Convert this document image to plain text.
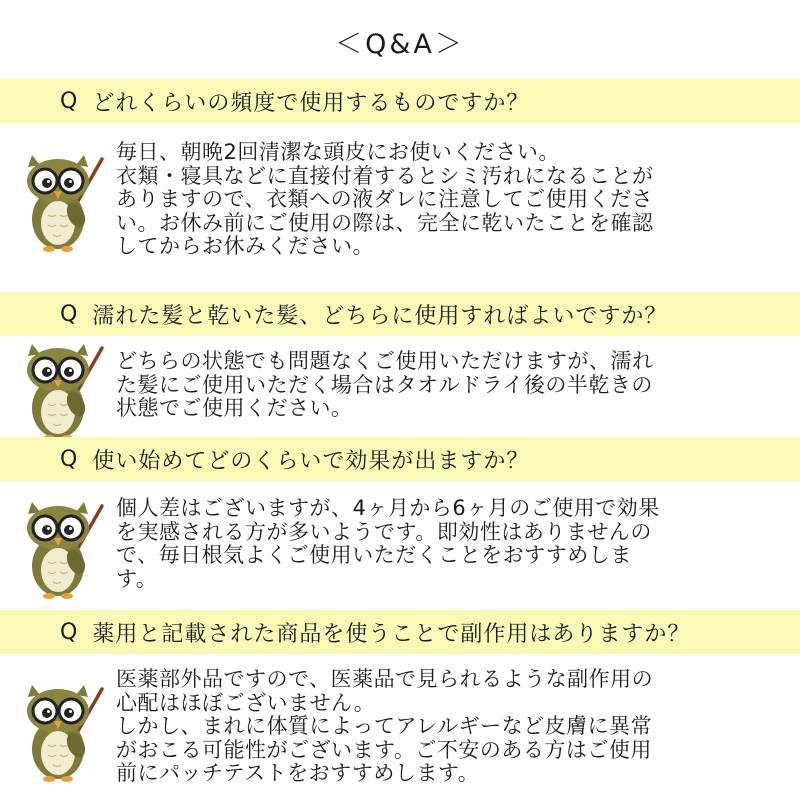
＜Q&A＞
Q どれくらいの頻度で使用するものですか？
毎日、朝晩2回清潔な頭皮にお使いください。
衣類・寝具などに直接付着するとシミ汚れになることが
ありますので、衣類への液ダレに注意してご使用くださ
い。お休み前にご使用の際は、完全に乾いたことを確認
してからお休みください。
Q 濡れた髪と乾いた髪、どちらに使用すればよいですか？
どちらの状態でも問題なくご使用いただけますが、濡れ
た髪にご使用いただく場合はタオルドライ後の半乾きの
状態でご使用ください。
Q 使い始めてどのくらいで効果が出ますか？
個人差はございますが、4ヶ月から6ヶ月のご使用で効果
を実感される方が多いようです。即効性はありませんの
で、毎日根気よくご使用いただくことをおすすめしま
す。
Q 薬用と記載された商品を使うことで副作用はありますか？
医薬部外品ですので、医薬品で見られるような副作用の
心配はほぼございません。
しかし、まれに体質によってアレルギーなど皮膚に異常
がおこる可能性がございます。ご不安のある方はご使用
前にパッチテストをおすすめします。
